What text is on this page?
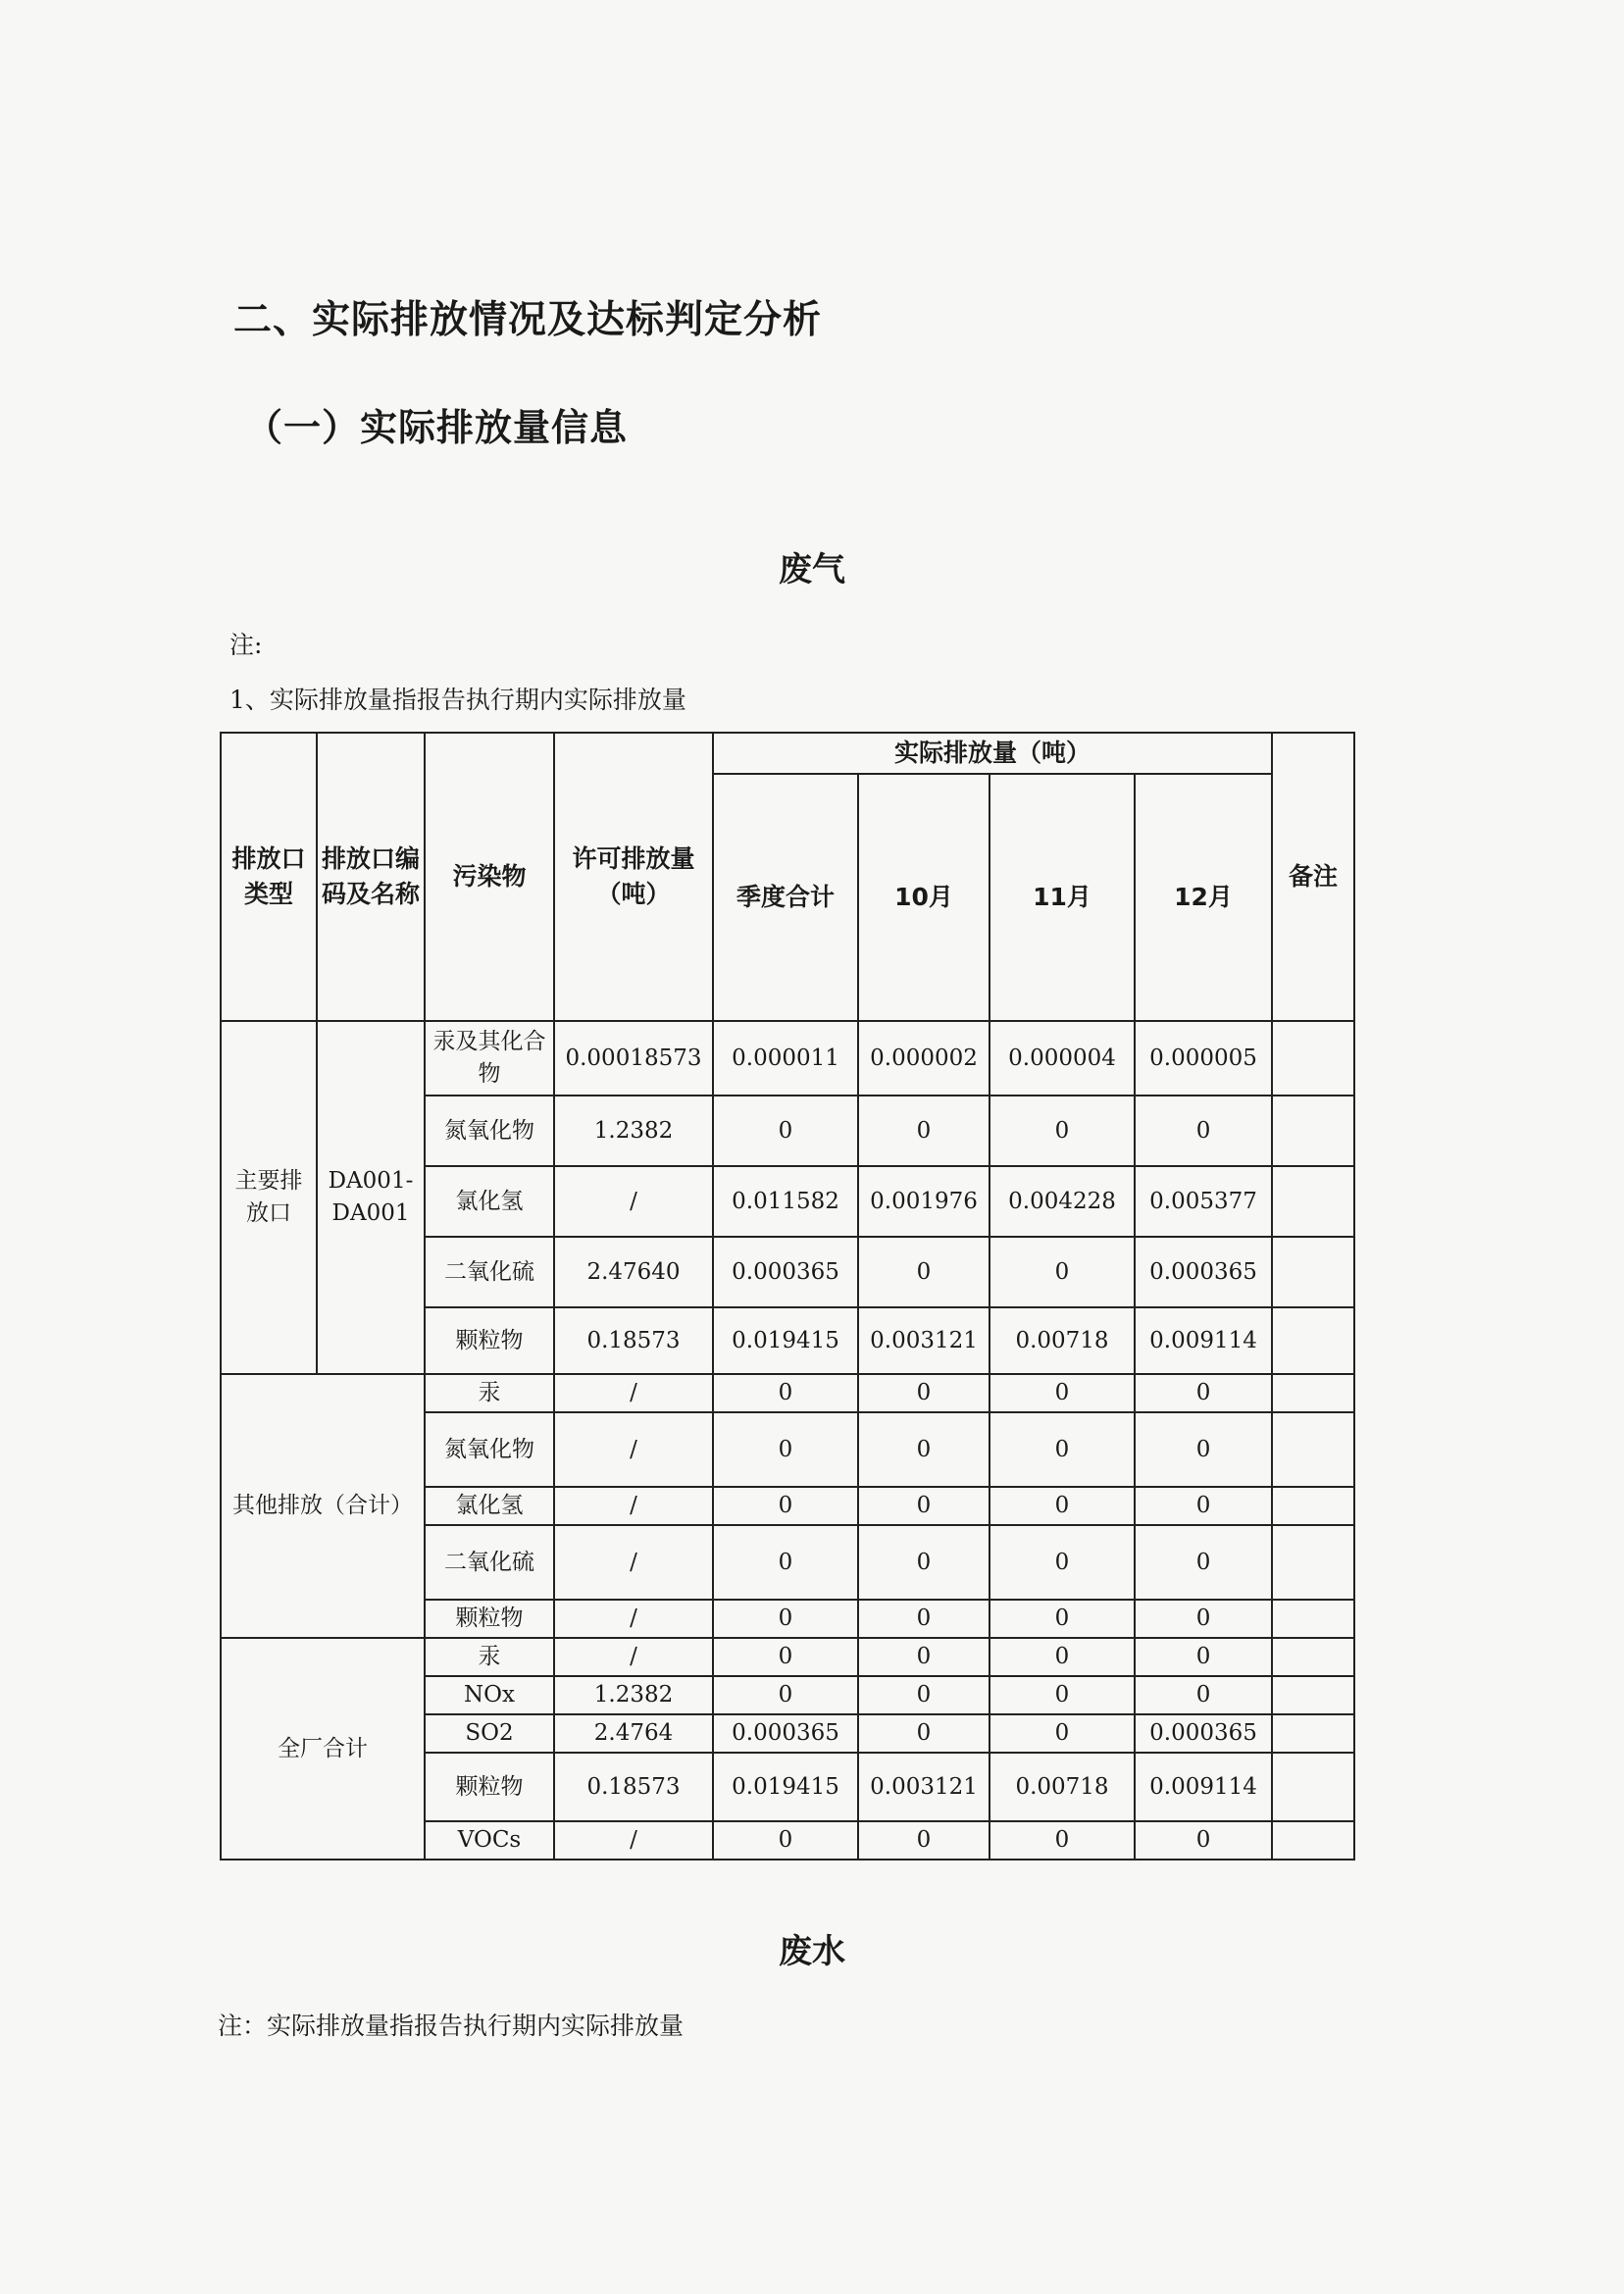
二、实际排放情况及达标判定分析
（一）实际排放量信息
废气
注:
1、实际排放量指报告执行期内实际排放量
排放口类型	排放口编码及名称	污染物	许可排放量（吨）	实际排放量（吨）				备注
				季度合计	10月	11月	12月	
主要排放口	DA001-DA001	汞及其化合物	0.00018573	0.000011	0.000002	0.000004	0.000005	
		氮氧化物	1.2382	0	0	0	0	
		氯化氢	/	0.011582	0.001976	0.004228	0.005377	
		二氧化硫	2.47640	0.000365	0	0	0.000365	
		颗粒物	0.18573	0.019415	0.003121	0.00718	0.009114	
其他排放（合计）		汞	/	0	0	0	0	
		氮氧化物	/	0	0	0	0	
		氯化氢	/	0	0	0	0	
		二氧化硫	/	0	0	0	0	
		颗粒物	/	0	0	0	0	
全厂合计		汞	/	0	0	0	0	
		NOx	1.2382	0	0	0	0	
		SO2	2.4764	0.000365	0	0	0.000365	
		颗粒物	0.18573	0.019415	0.003121	0.00718	0.009114	
		VOCs	/	0	0	0	0	
废水
注：实际排放量指报告执行期内实际排放量
